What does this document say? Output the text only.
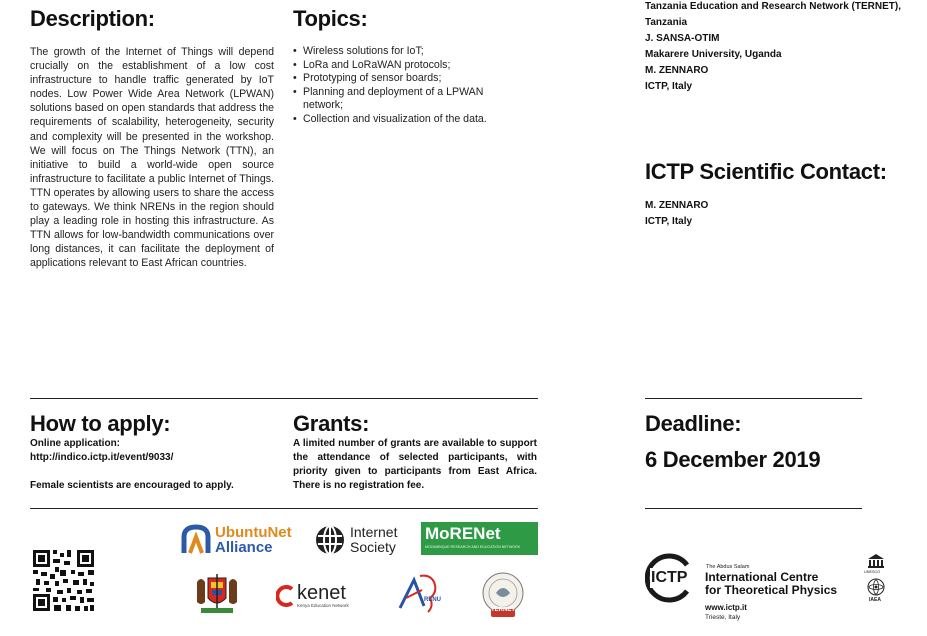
Description:
The growth of the Internet of Things will depend crucially on the establishment of a low cost infrastructure to handle traffic generated by IoT nodes. Low Power Wide Area Network (LPWAN) solutions based on open standards that address the requirements of scalability, heterogeneity, security and complexity will be presented in the workshop. We will focus on The Things Network (TTN), an initiative to build a world-wide open source infrastructure to facilitate a public Internet of Things. TTN operates by allowing users to share the access to gateways. We think NRENs in the region should play a leading role in hosting this infrastructure. As TTN allows for low-bandwidth communications over long distances, it can facilitate the deployment of applications relevant to East African countries.
Topics:
• Wireless solutions for IoT;
• LoRa and LoRaWAN protocols;
• Prototyping of sensor boards;
• Planning and deployment of a LPWAN network;
• Collection and visualization of the data.
Tanzania Education and Research Network (TERNET),
Tanzania
J. SANSA-OTIM
Makarere University, Uganda
M. ZENNARO
ICTP, Italy
ICTP Scientific Contact:
M. ZENNARO
ICTP, Italy
How to apply:
Online application:
http://indico.ictp.it/event/9033/
Female scientists are encouraged to apply.
Grants:
A limited number of grants are available to support the attendance of selected participants, with priority given to participants from East Africa. There is no registration fee.
Deadline:
6 December 2019
UbuntuNet
Alliance
Internet
Society
MoRENet
MOZAMBIQUE RESEARCH AND EDUCATION NETWORK
kenet
Kenya Education Network
RENU
TERNET
ICTP
The Abdus Salam
International Centre
for Theoretical Physics
www.ictp.it
Trieste, Italy
UNESCO
IAEA
